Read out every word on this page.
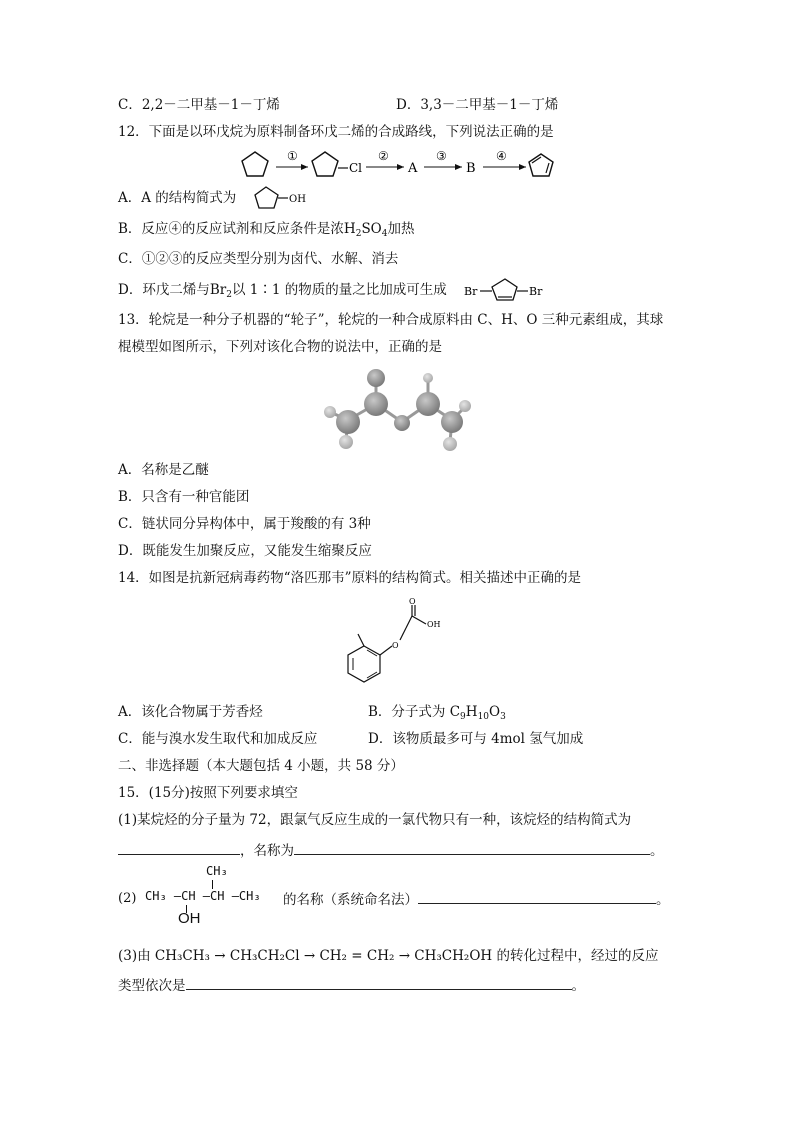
C．2,2－二甲基－1－丁烯	D．3,3－二甲基－1－丁烯
12．下面是以环戊烷为原料制备环戊二烯的合成路线，下列说法正确的是
①
Cl
②
A
③
B
④
A．A 的结构简式为	OH
B．反应④的反应试剂和反应条件是浓$H_2SO_4$加热
C．①②③的反应类型分别为卤代、水解、消去
D．环戊二烯与$Br_2$以 1∶1 的物质的量之比加成可生成 Br	Br
13．轮烷是一种分子机器的“轮子”，轮烷的一种合成原料由 C、H、O 三种元素组成，其球
棍模型如图所示，下列对该化合物的说法中，正确的是
A．名称是乙醚
B．只含有一种官能团
C．链状同分异构体中，属于羧酸的有 3种
D．既能发生加聚反应，又能发生缩聚反应
14．如图是抗新冠病毒药物“洛匹那韦”原料的结构简式。相关描述中正确的是
O
O
OH
A．该化合物属于芳香烃	B．分子式为 $C_9H_{10}O_3$
C．能与溴水发生取代和加成反应	D．该物质最多可与 4mol 氢气加成
二、非选择题（本大题包括 4 小题，共 58 分）
15．(15分)按照下列要求填空
(1)某烷烃的分子量为 72，跟氯气反应生成的一氯代物只有一种，该烷烃的结构简式为
，名称为	。
(2)
CH₃
CH₃ –CH –CH –CH₃
OH
的名称（系统命名法）	。
(3)由 CH₃CH₃ → CH₃CH₂Cl → CH₂ = CH₂ → CH₃CH₂OH 的转化过程中，经过的反应
类型依次是	。
